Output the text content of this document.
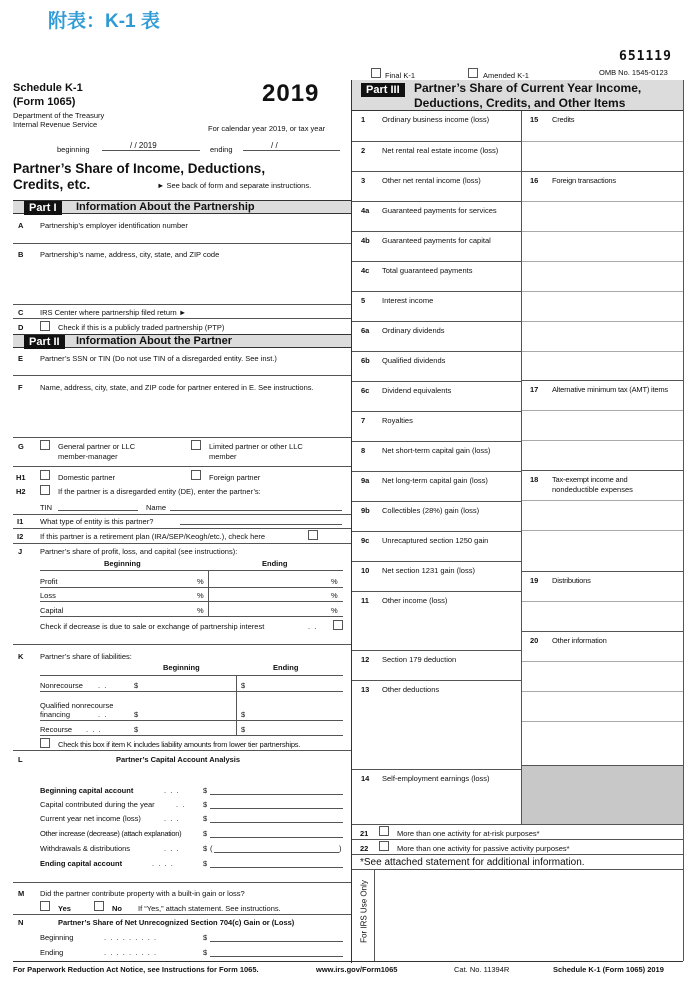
附表：K-1 表
651119
Final K-1	Amended K-1	OMB No. 1545-0123
Schedule K-1
(Form 1065)
Department of the Treasury
Internal Revenue Service
2019
For calendar year 2019, or tax year
beginning	/ / 2019	ending	/ /
Partner’s Share of Income, Deductions,
Credits, etc.	► See back of form and separate instructions.
Part I	Information About the Partnership
A Partnership’s employer identification number
B Partnership’s name, address, city, state, and ZIP code
C IRS Center where partnership filed return ►
D	Check if this is a publicly traded partnership (PTP)
Part II	Information About the Partner
E Partner’s SSN or TIN (Do not use TIN of a disregarded entity. See inst.)
F Name, address, city, state, and ZIP code for partner entered in E. See instructions.
G	General partner or LLC
member-manager
Limited partner or other LLC
member
H1	Domestic partner	Foreign partner
H2	If the partner is a disregarded entity (DE), enter the partner’s:
TIN	Name
I1 What type of entity is this partner?
I2 If this partner is a retirement plan (IRA/SEP/Keogh/etc.), check here
J Partner’s share of profit, loss, and capital (see instructions):
Beginning	Ending
Profit	%	%
Loss	%	%
Capital	%	%
Check if decrease is due to sale or exchange of partnership interest	.  .
K Partner’s share of liabilities:
Beginning	Ending
Nonrecourse .  .	$	$
Qualified nonrecourse
financing	.  .	$	$
Recourse .  .  .	$	$
Check this box if item K includes liability amounts from lower tier partnerships.
L	Partner’s Capital Account Analysis
Beginning capital account	.  .  .	$
Capital contributed during the year	.  . $
Current year net income (loss)	.  .  .	$
Other increase (decrease) (attach explanation)	$
Withdrawals & distributions	.  .  .	$ (	)
Ending capital account	.  .  .  .	$
M Did the partner contribute property with a built-in gain or loss?
Yes	No If “Yes,” attach statement. See instructions.
N	Partner’s Share of Net Unrecognized Section 704(c) Gain or (Loss)
Beginning	.  .  .  .  .  .  .  .  .	$
Ending	.  .  .  .  .  .  .  .  .	$
Part III	Partner’s Share of Current Year Income,
Deductions, Credits, and Other Items
1 Ordinary business income (loss)
2 Net rental real estate income (loss)
3 Other net rental income (loss)
4a Guaranteed payments for services
4b Guaranteed payments for capital
4c Total guaranteed payments
5 Interest income
6a Ordinary dividends
6b Qualified dividends
6c Dividend equivalents
7 Royalties
8 Net short-term capital gain (loss)
9a Net long-term capital gain (loss)
9b Collectibles (28%) gain (loss)
9c Unrecaptured section 1250 gain
10 Net section 1231 gain (loss)
11 Other income (loss)
12 Section 179 deduction
13 Other deductions
14 Self-employment earnings (loss)
15 Credits
16 Foreign transactions
17 Alternative minimum tax (AMT) items
18 Tax-exempt income and
nondeductible expenses
19 Distributions
20 Other information
21	More than one activity for at-risk purposes*
22	More than one activity for passive activity purposes*
*See attached statement for additional information.
For IRS Use Only
For Paperwork Reduction Act Notice, see Instructions for Form 1065.	www.irs.gov/Form1065	Cat. No. 11394R	Schedule K-1 (Form 1065) 2019
